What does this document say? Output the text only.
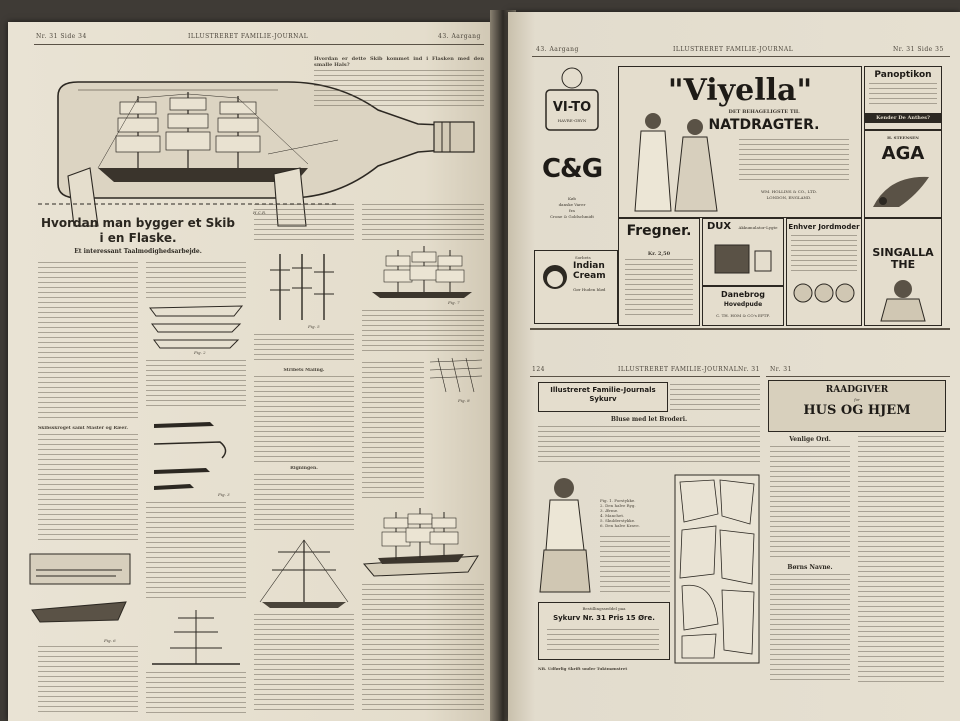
Nr. 31 Side 34	ILLUSTRERET FAMILIE-JOURNAL	43. Aargang
H.C.R.
Hvordan er dette Skib kommet ind i Flasken med den smalle Hals?
Hvordan man bygger et Skib
i en Flaske.
Et interessant Taalmodighedsarbejde.
Skibsskroget samt Master og Ræer.
Fig. 6
Fig. 2
Fig. 3
Fig. 5
Stribets Maling.
Rigningen.
Fig. 7
Fig. 8
43. Aargang	ILLUSTRERET FAMILIE-JOURNAL	Nr. 31 Side 35
VI-TO
HAVRE-GRYN
C&G
Køb
danske Varer
fra
Crone & Goldschmidt
Sorbets
Indian Cream
Gør Huden blød
"Viyella"
DET BEHAGELIGSTE TIL
NATDRAGTER.
WM. HOLLINS & CO., LTD.
LONDON, ENGLAND.
Fregner.
Kr. 2,50
DUX	Akkumulator-Lygte
Danebrog
Hovedpude
C. TH. HOM & CO's EFTF.
Enhver Jordmoder
Panoptikon
Kender De Anthes?
H. STEENSEN
AGA
SINGALLA THE
124	ILLUSTRERET FAMILIE-JOURNAL Nr. 31
Illustreret Familie-Journals Sykurv
Bluse med let Broderi.
Fig. 1. Forstykke.
2. Den halve Ryg.
3. Ærme.
4. Manchet.
5. Skulderstykke.
6. Den halve Krave.
Bestillingsseddel paa
Sykurv Nr. 31 Pris 15 Øre.
NB. Udførlig Skrift under Tuktmønstret
Nr. 31
RAADGIVER
for
HUS OG HJEM
Venlige Ord.
Børns Navne.
